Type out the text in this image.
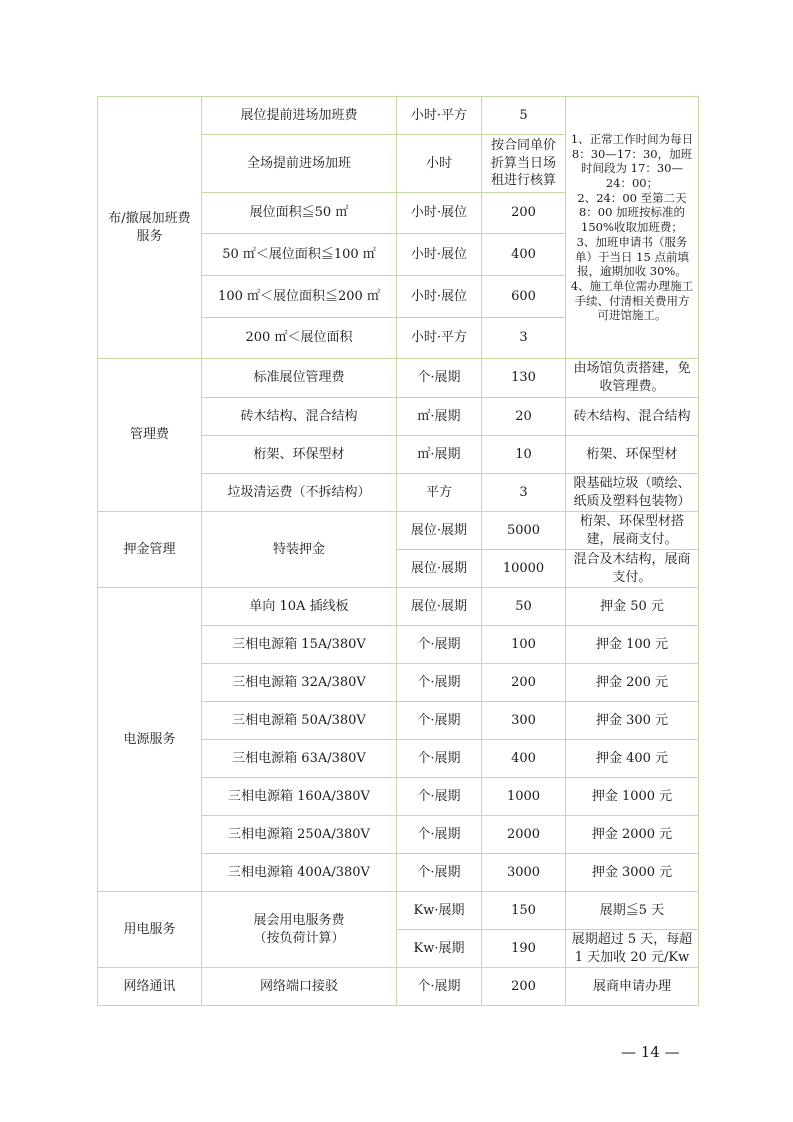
布/撤展加班费服务	展位提前进场加班费	小时·平方	5	1、正常工作时间为每日 8：30—17：30，加班时间段为 17：30—24：00；
2、24：00 至第二天 8：00 加班按标准的 150%收取加班费；
3、加班申请书（服务单）于当日 15 点前填报，逾期加收 30%。
4、施工单位需办理施工手续、付清相关费用方可进馆施工。
	全场提前进场加班	小时	按合同单价折算当日场租进行核算	
	展位面积≦50 ㎡	小时·展位	200	
	50 ㎡＜展位面积≦100 ㎡	小时·展位	400	
	100 ㎡＜展位面积≦200 ㎡	小时·展位	600	
	200 ㎡＜展位面积	小时·平方	3	
管理费	标准展位管理费	个·展期	130	由场馆负责搭建，免收管理费。
	砖木结构、混合结构	㎡·展期	20	砖木结构、混合结构
	桁架、环保型材	㎡·展期	10	桁架、环保型材
	垃圾清运费（不拆结构）	平方	3	限基础垃圾（喷绘、纸质及塑料包装物）
押金管理	特装押金	展位·展期	5000	桁架、环保型材搭建，展商支付。
		展位·展期	10000	混合及木结构，展商支付。
电源服务	单向 10A 插线板	展位·展期	50	押金 50 元
	三相电源箱 15A/380V	个·展期	100	押金 100 元
	三相电源箱 32A/380V	个·展期	200	押金 200 元
	三相电源箱 50A/380V	个·展期	300	押金 300 元
	三相电源箱 63A/380V	个·展期	400	押金 400 元
	三相电源箱 160A/380V	个·展期	1000	押金 1000 元
	三相电源箱 250A/380V	个·展期	2000	押金 2000 元
	三相电源箱 400A/380V	个·展期	3000	押金 3000 元
用电服务	展会用电服务费
（按负荷计算）	Kw·展期	150	展期≦5 天
		Kw·展期	190	展期超过 5 天，每超 1 天加收 20 元/Kw
网络通讯	网络端口接驳	个·展期	200	展商申请办理
— 14 —
